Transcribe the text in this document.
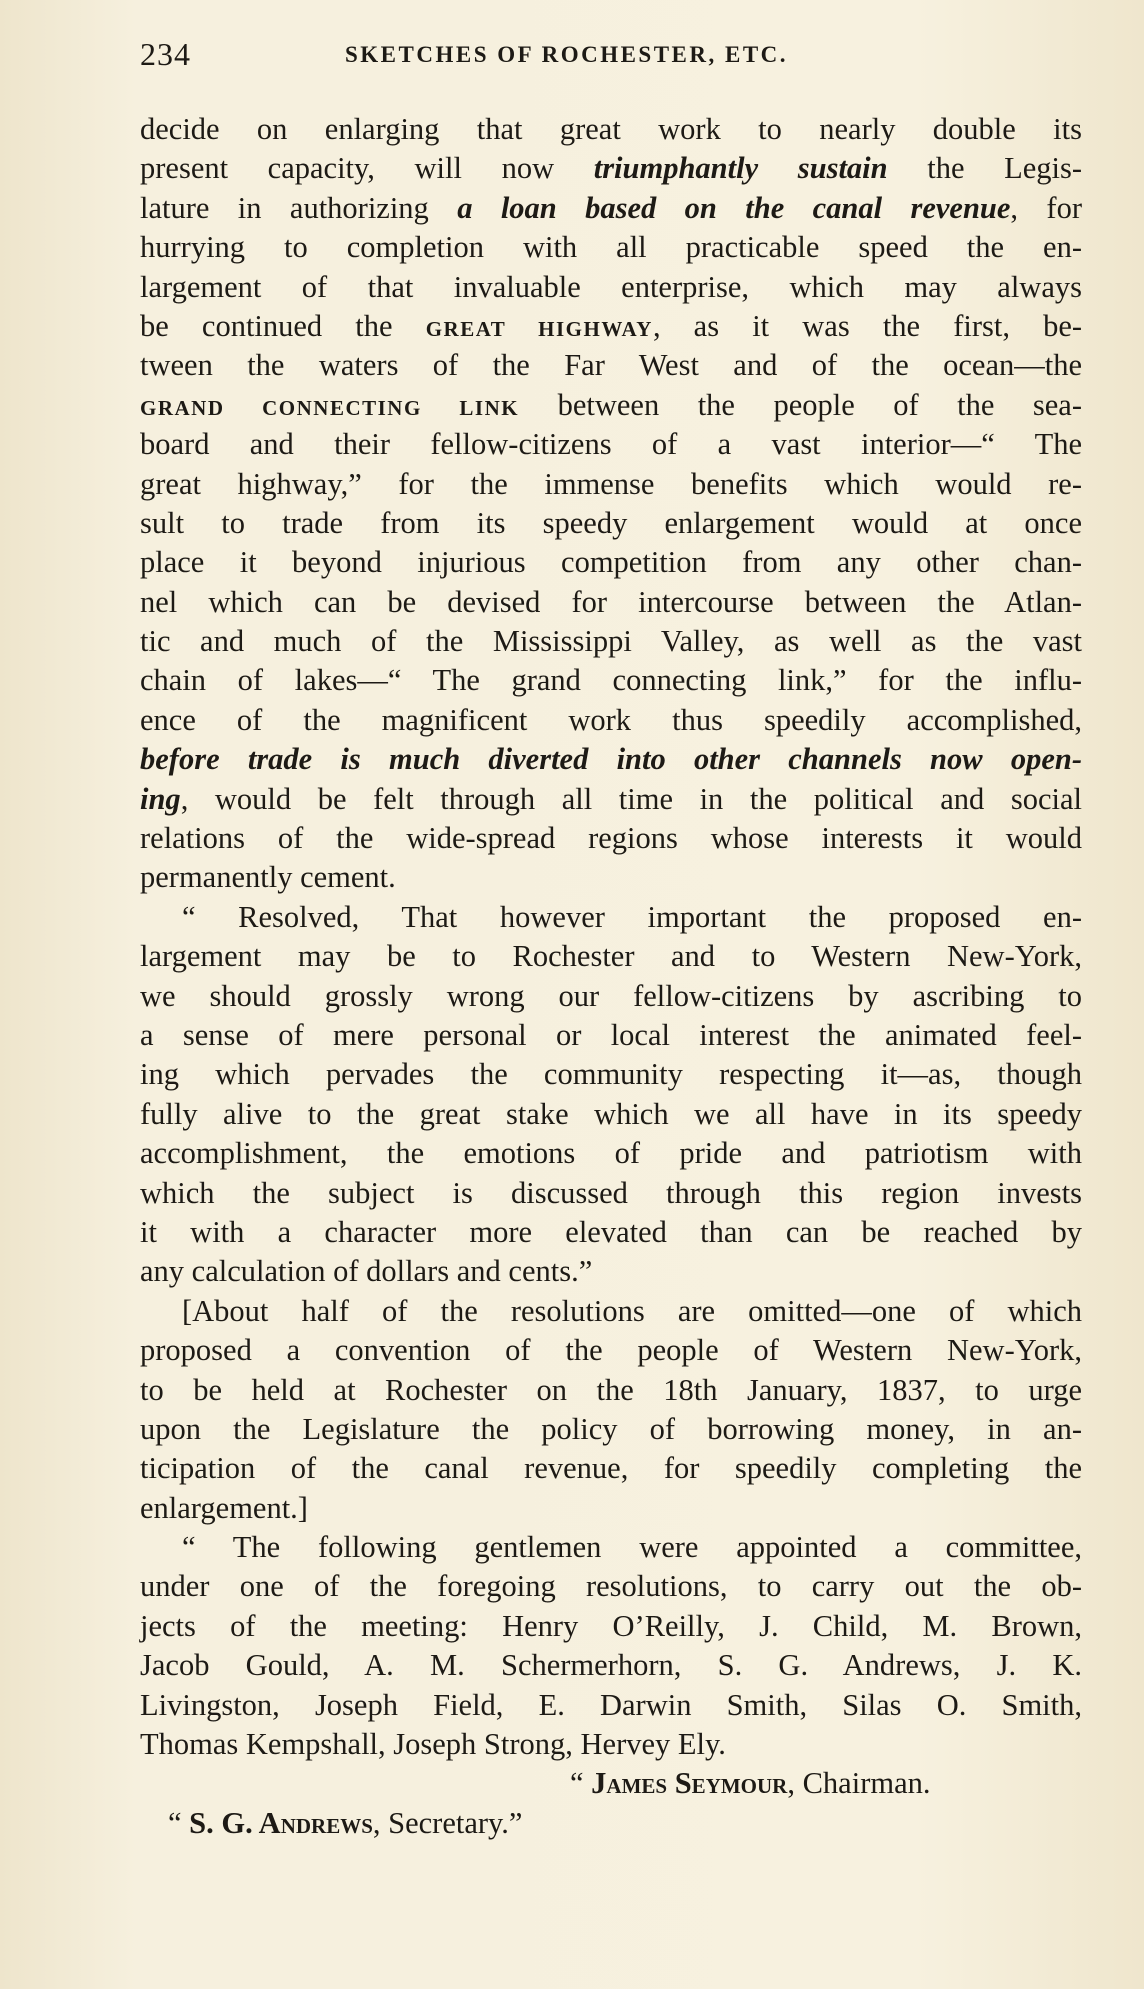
234	SKETCHES OF ROCHESTER, ETC.
decide on enlarging that great work to nearly double its
present capacity, will now triumphantly sustain the Legis-
lature in authorizing a loan based on the canal revenue, for
hurrying to completion with all practicable speed the en-
largement of that invaluable enterprise, which may always
be continued the GREAT HIGHWAY, as it was the first, be-
tween the waters of the Far West and of the ocean—the
GRAND CONNECTING LINK between the people of the sea-
board and their fellow-citizens of a vast interior—“ The
great highway,” for the immense benefits which would re-
sult to trade from its speedy enlargement would at once
place it beyond injurious competition from any other chan-
nel which can be devised for intercourse between the Atlan-
tic and much of the Mississippi Valley, as well as the vast
chain of lakes—“ The grand connecting link,” for the influ-
ence of the magnificent work thus speedily accomplished,
before trade is much diverted into other channels now open-
ing, would be felt through all time in the political and social
relations of the wide-spread regions whose interests it would
permanently cement.
“ Resolved, That however important the proposed en-
largement may be to Rochester and to Western New-York,
we should grossly wrong our fellow-citizens by ascribing to
a sense of mere personal or local interest the animated feel-
ing which pervades the community respecting it—as, though
fully alive to the great stake which we all have in its speedy
accomplishment, the emotions of pride and patriotism with
which the subject is discussed through this region invests
it with a character more elevated than can be reached by
any calculation of dollars and cents.”
[About half of the resolutions are omitted—one of which
proposed a convention of the people of Western New-York,
to be held at Rochester on the 18th January, 1837, to urge
upon the Legislature the policy of borrowing money, in an-
ticipation of the canal revenue, for speedily completing the
enlargement.]
“ The following gentlemen were appointed a committee,
under one of the foregoing resolutions, to carry out the ob-
jects of the meeting: Henry O’Reilly, J. Child, M. Brown,
Jacob Gould, A. M. Schermerhorn, S. G. Andrews, J. K.
Livingston, Joseph Field, E. Darwin Smith, Silas O. Smith,
Thomas Kempshall, Joseph Strong, Hervey Ely.
“ James Seymour, Chairman.
“ S. G. Andrews, Secretary.”
